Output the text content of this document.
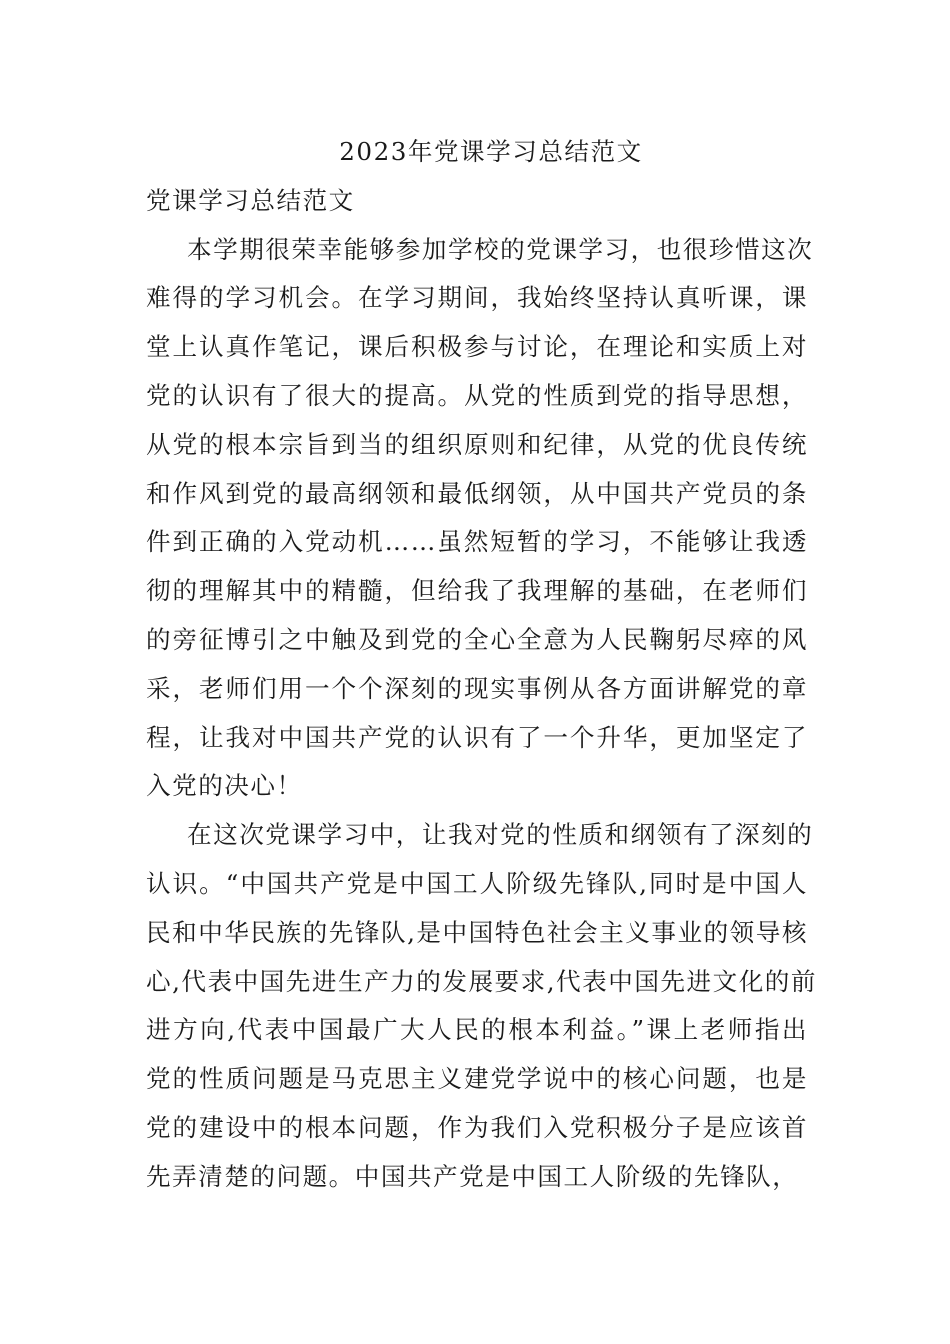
2023年党课学习总结范文
党课学习总结范文
本学期很荣幸能够参加学校的党课学习，也很珍惜这次
难得的学习机会。在学习期间，我始终坚持认真听课，课
堂上认真作笔记，课后积极参与讨论，在理论和实质上对
党的认识有了很大的提高。从党的性质到党的指导思想，
从党的根本宗旨到当的组织原则和纪律，从党的优良传统
和作风到党的最高纲领和最低纲领，从中国共产党员的条
件到正确的入党动机……虽然短暂的学习，不能够让我透
彻的理解其中的精髓，但给我了我理解的基础，在老师们
的旁征博引之中触及到党的全心全意为人民鞠躬尽瘁的风
采，老师们用一个个深刻的现实事例从各方面讲解党的章
程，让我对中国共产党的认识有了一个升华，更加坚定了
入党的决心！
在这次党课学习中，让我对党的性质和纲领有了深刻的
认识。“中国共产党是中国工人阶级先锋队,同时是中国人
民和中华民族的先锋队,是中国特色社会主义事业的领导核
心,代表中国先进生产力的发展要求,代表中国先进文化的前
进方向,代表中国最广大人民的根本利益。”课上老师指出
党的性质问题是马克思主义建党学说中的核心问题，也是
党的建设中的根本问题，作为我们入党积极分子是应该首
先弄清楚的问题。中国共产党是中国工人阶级的先锋队，
